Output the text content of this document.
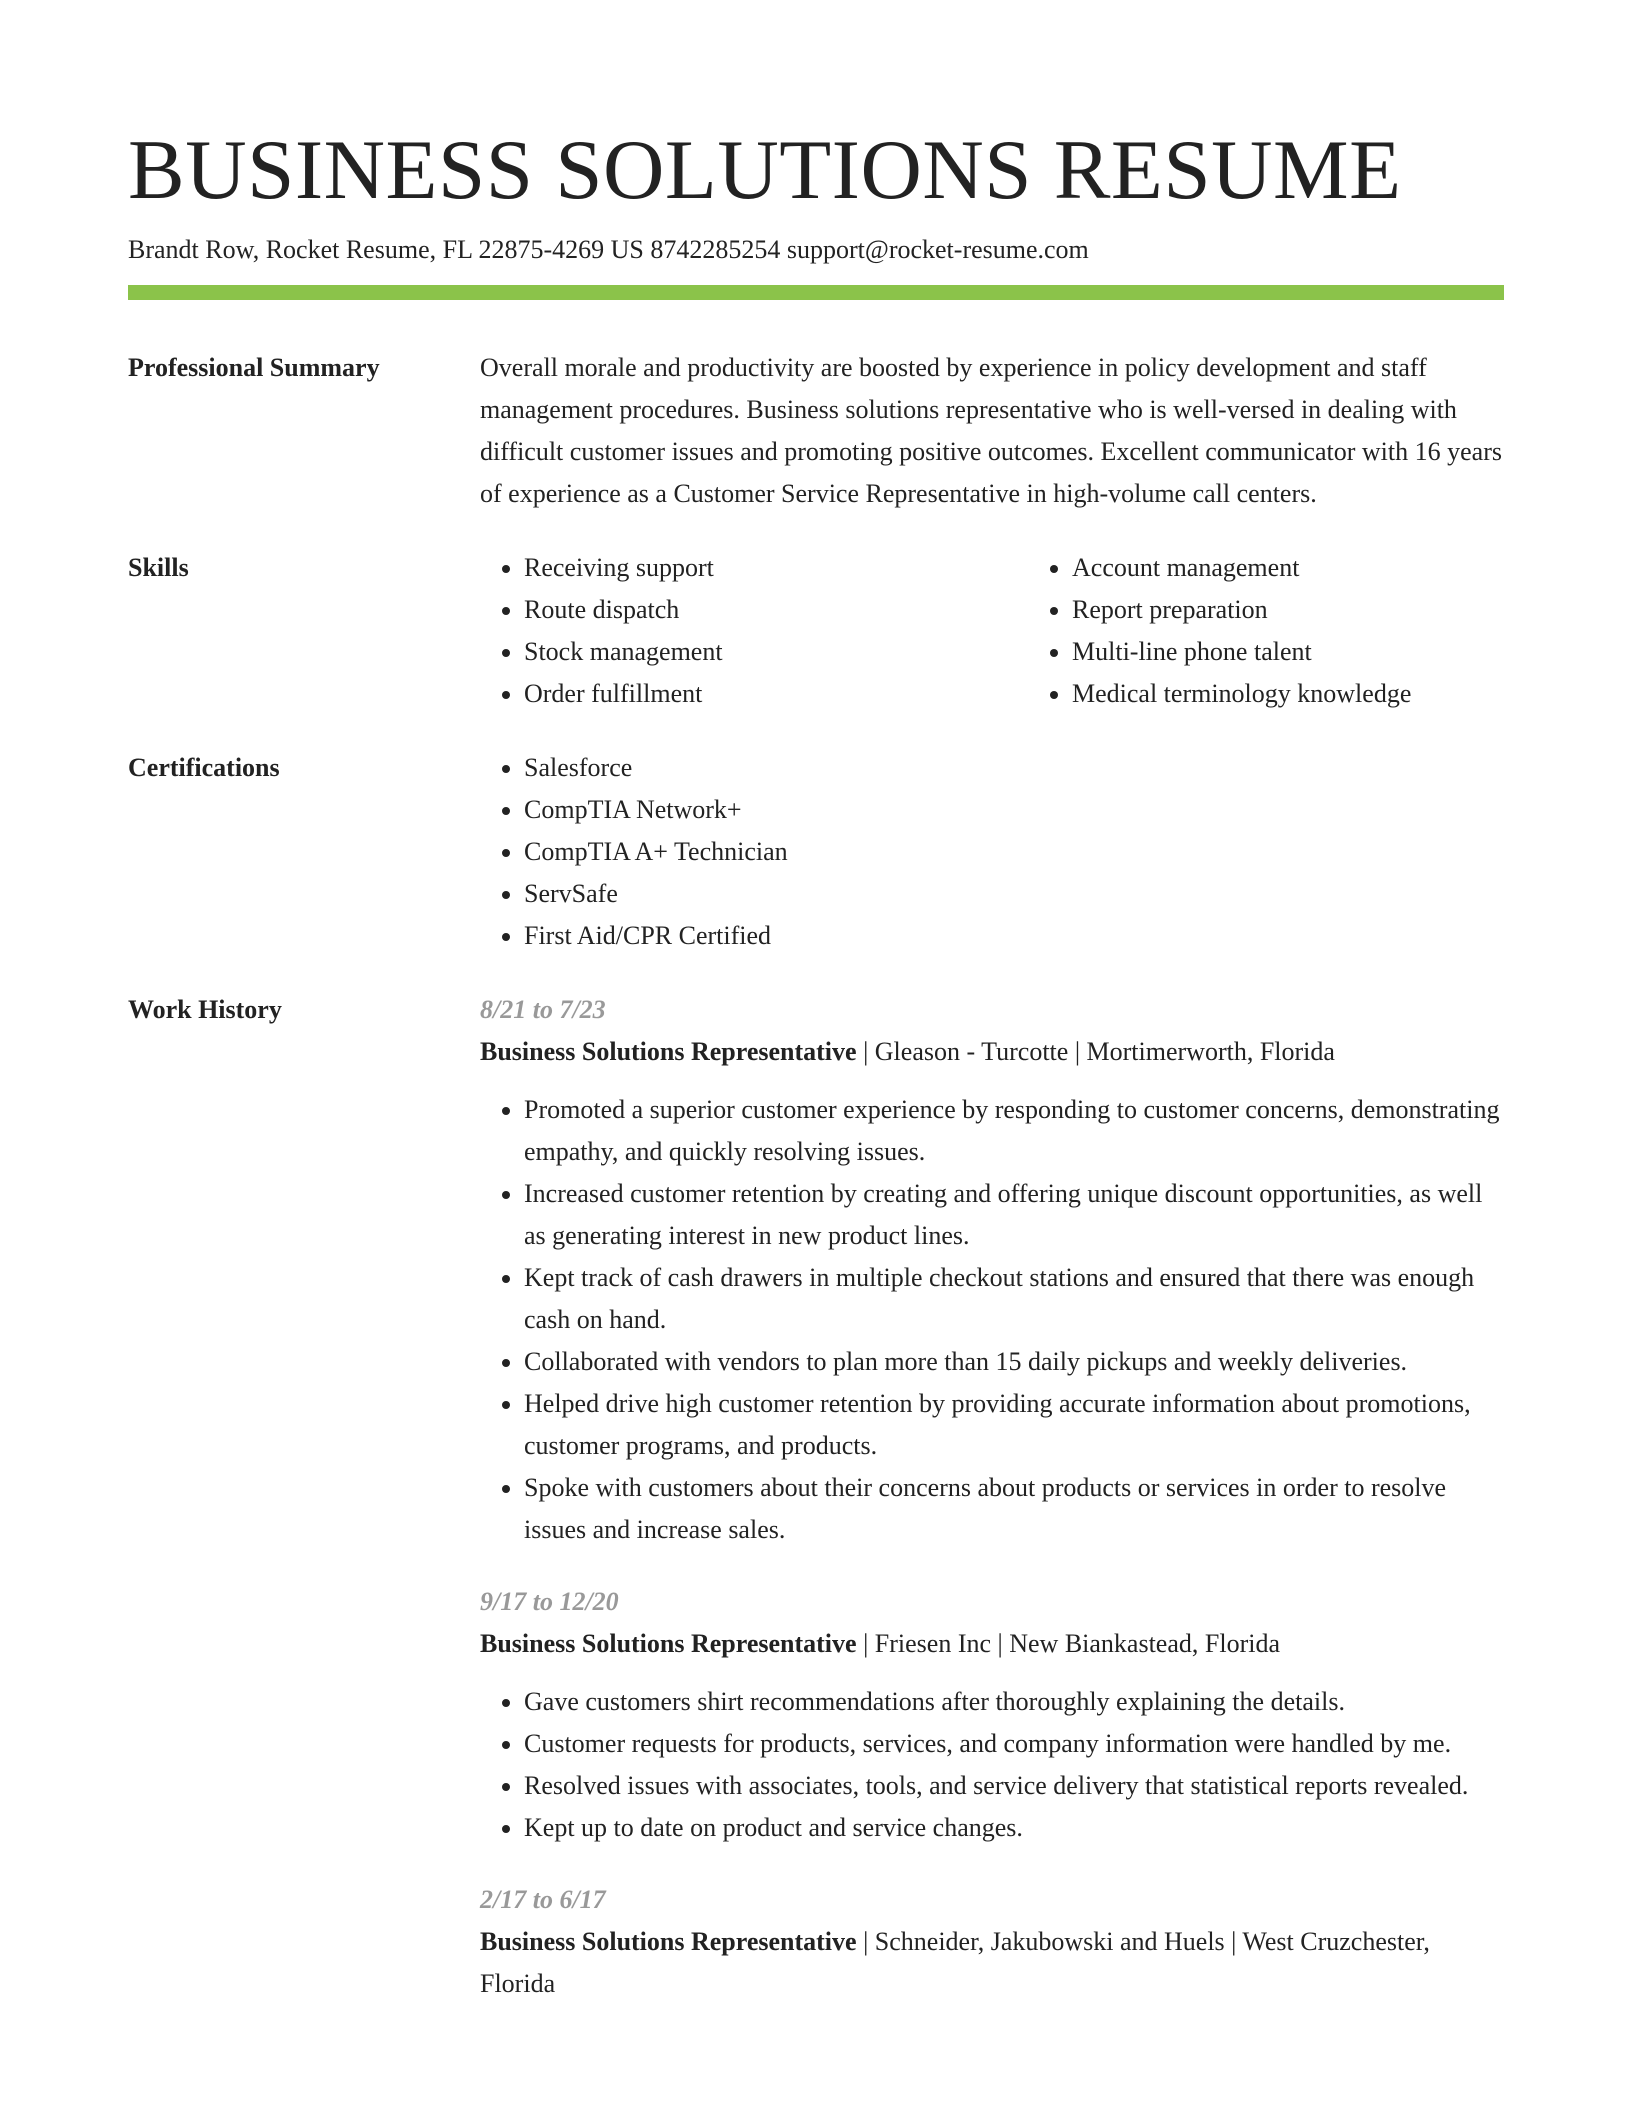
BUSINESS SOLUTIONS RESUME
Brandt Row, Rocket Resume, FL 22875-4269 US 8742285254 support@rocket-resume.com
Professional Summary	Overall morale and productivity are boosted by experience in policy development and staff management procedures. Business solutions representative who is well-versed in dealing with difficult customer issues and promoting positive outcomes. Excellent communicator with 16 years of experience as a Customer Service Representative in high-volume call centers.
Skills	• Receiving support
• Route dispatch
• Stock management
• Order fulfillment
• Account management
• Report preparation
• Multi-line phone talent
• Medical terminology knowledge
Certifications	• Salesforce
• CompTIA Network+
• CompTIA A+ Technician
• ServSafe
• First Aid/CPR Certified
Work History	8/21 to 7/23
Business Solutions Representative | Gleason - Turcotte | Mortimerworth, Florida
• Promoted a superior customer experience by responding to customer concerns, demonstrating empathy, and quickly resolving issues.
• Increased customer retention by creating and offering unique discount opportunities, as well as generating interest in new product lines.
• Kept track of cash drawers in multiple checkout stations and ensured that there was enough cash on hand.
• Collaborated with vendors to plan more than 15 daily pickups and weekly deliveries.
• Helped drive high customer retention by providing accurate information about promotions, customer programs, and products.
• Spoke with customers about their concerns about products or services in order to resolve issues and increase sales.
9/17 to 12/20
Business Solutions Representative | Friesen Inc | New Biankastead, Florida
• Gave customers shirt recommendations after thoroughly explaining the details.
• Customer requests for products, services, and company information were handled by me.
• Resolved issues with associates, tools, and service delivery that statistical reports revealed.
• Kept up to date on product and service changes.
2/17 to 6/17
Business Solutions Representative | Schneider, Jakubowski and Huels | West Cruzchester, Florida
